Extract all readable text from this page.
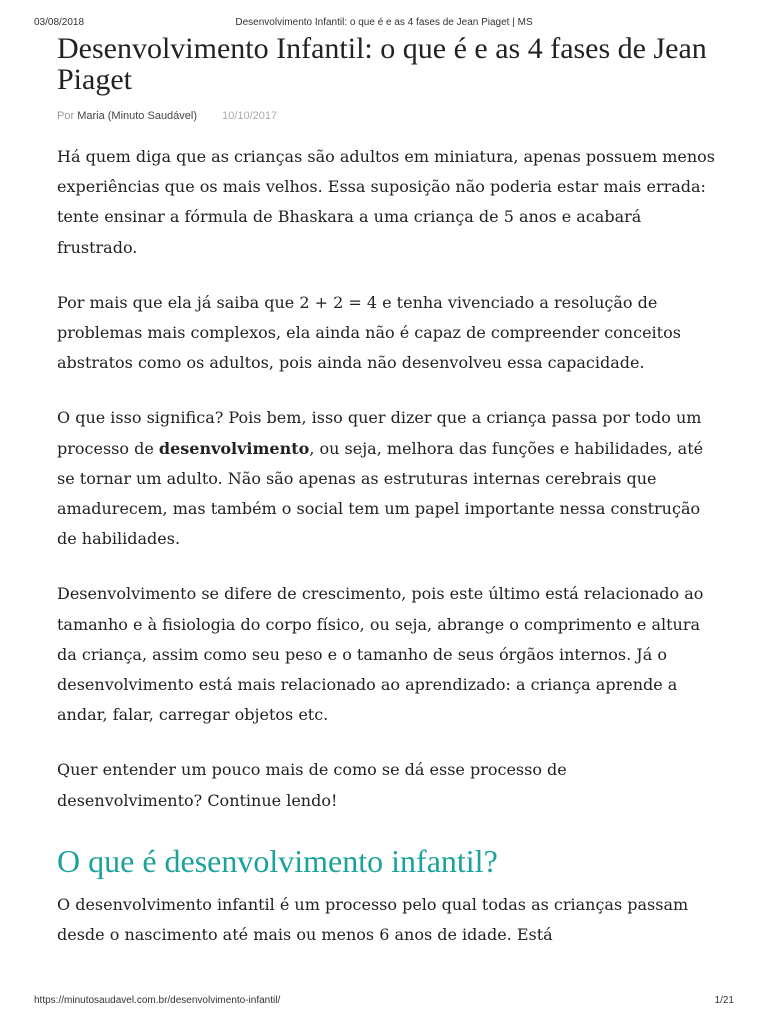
03/08/2018	Desenvolvimento Infantil: o que é e as 4 fases de Jean Piaget | MS
Desenvolvimento Infantil: o que é e as 4 fases de Jean Piaget
Por Maria (Minuto Saudável) 10/10/2017

Há quem diga que as crianças são adultos em miniatura, apenas possuem menos experiências que os mais velhos. Essa suposição não poderia estar mais errada: tente ensinar a fórmula de Bhaskara a uma criança de 5 anos e acabará frustrado.

Por mais que ela já saiba que 2 + 2 = 4 e tenha vivenciado a resolução de problemas mais complexos, ela ainda não é capaz de compreender conceitos abstratos como os adultos, pois ainda não desenvolveu essa capacidade.

O que isso significa? Pois bem, isso quer dizer que a criança passa por todo um processo de desenvolvimento, ou seja, melhora das funções e habilidades, até se tornar um adulto. Não são apenas as estruturas internas cerebrais que amadurecem, mas também o social tem um papel importante nessa construção de habilidades.

Desenvolvimento se difere de crescimento, pois este último está relacionado ao tamanho e à fisiologia do corpo físico, ou seja, abrange o comprimento e altura da criança, assim como seu peso e o tamanho de seus órgãos internos. Já o desenvolvimento está mais relacionado ao aprendizado: a criança aprende a andar, falar, carregar objetos etc.

Quer entender um pouco mais de como se dá esse processo de desenvolvimento? Continue lendo!

O que é desenvolvimento infantil?

O desenvolvimento infantil é um processo pelo qual todas as crianças passam desde o nascimento até mais ou menos 6 anos de idade. Está

https://minutosaudavel.com.br/desenvolvimento-infantil/	1/21
